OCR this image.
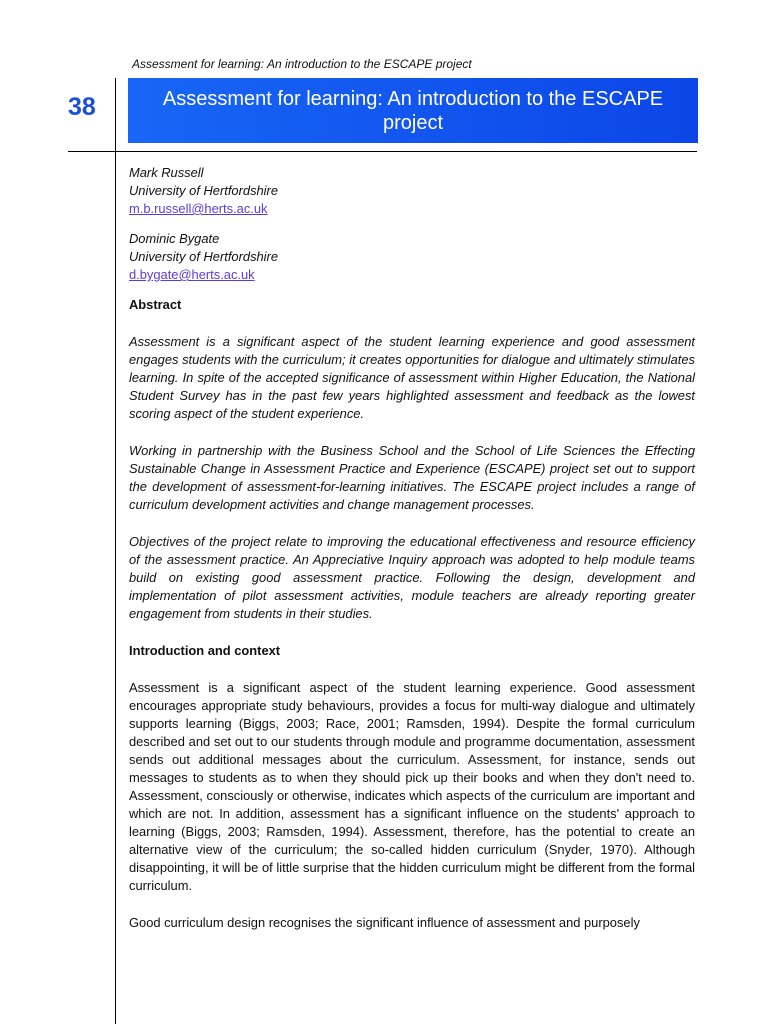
Assessment for learning: An introduction to the ESCAPE project
38	Assessment for learning: An introduction to the ESCAPE project
Mark Russell
University of Hertfordshire
m.b.russell@herts.ac.uk
Dominic Bygate
University of Hertfordshire
d.bygate@herts.ac.uk
Abstract

Assessment is a significant aspect of the student learning experience and good assessment engages students with the curriculum; it creates opportunities for dialogue and ultimately stimulates learning. In spite of the accepted significance of assessment within Higher Education, the National Student Survey has in the past few years highlighted assessment and feedback as the lowest scoring aspect of the student experience.

Working in partnership with the Business School and the School of Life Sciences the Effecting Sustainable Change in Assessment Practice and Experience (ESCAPE) project set out to support the development of assessment-for-learning initiatives. The ESCAPE project includes a range of curriculum development activities and change management processes.

Objectives of the project relate to improving the educational effectiveness and resource efficiency of the assessment practice. An Appreciative Inquiry approach was adopted to help module teams build on existing good assessment practice. Following the design, development and implementation of pilot assessment activities, module teachers are already reporting greater engagement from students in their studies.

Introduction and context

Assessment is a significant aspect of the student learning experience. Good assessment encourages appropriate study behaviours, provides a focus for multi-way dialogue and ultimately supports learning (Biggs, 2003; Race, 2001; Ramsden, 1994). Despite the formal curriculum described and set out to our students through module and programme documentation, assessment sends out additional messages about the curriculum. Assessment, for instance, sends out messages to students as to when they should pick up their books and when they don't need to. Assessment, consciously or otherwise, indicates which aspects of the curriculum are important and which are not. In addition, assessment has a significant influence on the students' approach to learning (Biggs, 2003; Ramsden, 1994). Assessment, therefore, has the potential to create an alternative view of the curriculum; the so-called hidden curriculum (Snyder, 1970). Although disappointing, it will be of little surprise that the hidden curriculum might be different from the formal curriculum.

Good curriculum design recognises the significant influence of assessment and purposely
